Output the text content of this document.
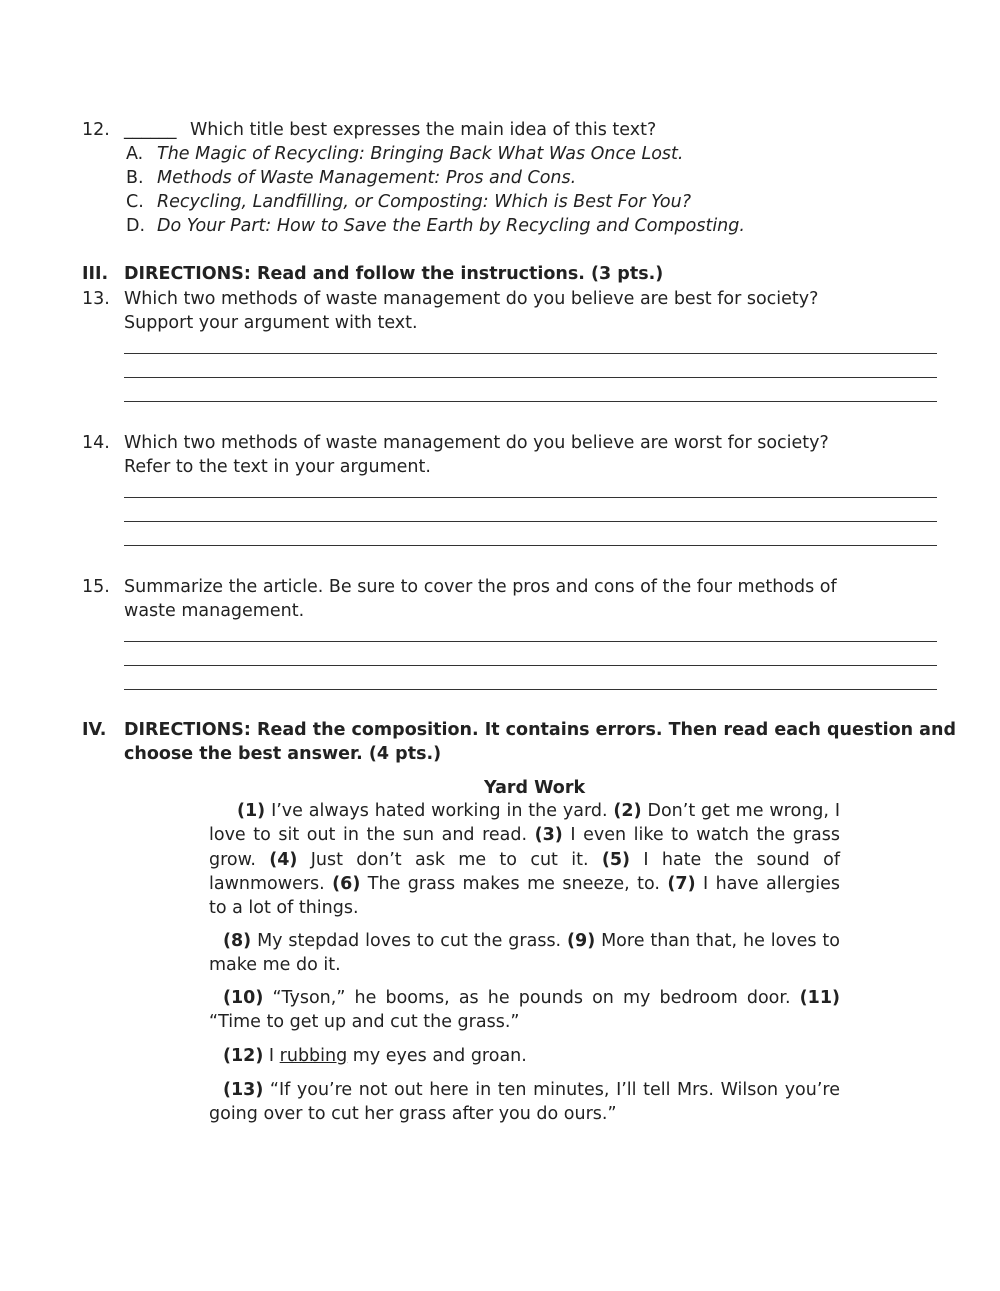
12. ______ Which title best expresses the main idea of this text?
A. The Magic of Recycling: Bringing Back What Was Once Lost.
B. Methods of Waste Management: Pros and Cons.
C. Recycling, Landfilling, or Composting: Which is Best For You?
D. Do Your Part: How to Save the Earth by Recycling and Composting.
III. DIRECTIONS: Read and follow the instructions. (3 pts.)
13. Which two methods of waste management do you believe are best for society?
Support your argument with text.
14. Which two methods of waste management do you believe are worst for society?
Refer to the text in your argument.
15. Summarize the article. Be sure to cover the pros and cons of the four methods of
waste management.
IV. DIRECTIONS: Read the composition. It contains errors. Then read each question and
choose the best answer. (4 pts.)
Yard Work
(1) I’ve always hated working in the yard. (2) Don’t get me wrong, I love to sit out in the sun and read. (3) I even like to watch the grass grow. (4) Just don’t ask me to cut it. (5) I hate the sound of lawnmowers. (6) The grass makes me sneeze, to. (7) I have allergies to a lot of things.
(8) My stepdad loves to cut the grass. (9) More than that, he loves to make me do it.
(10) “Tyson,” he booms, as he pounds on my bedroom door. (11) “Time to get up and cut the grass.”
(12) I rubbing my eyes and groan.
(13) “If you’re not out here in ten minutes, I’ll tell Mrs. Wilson you’re going over to cut her grass after you do ours.”
